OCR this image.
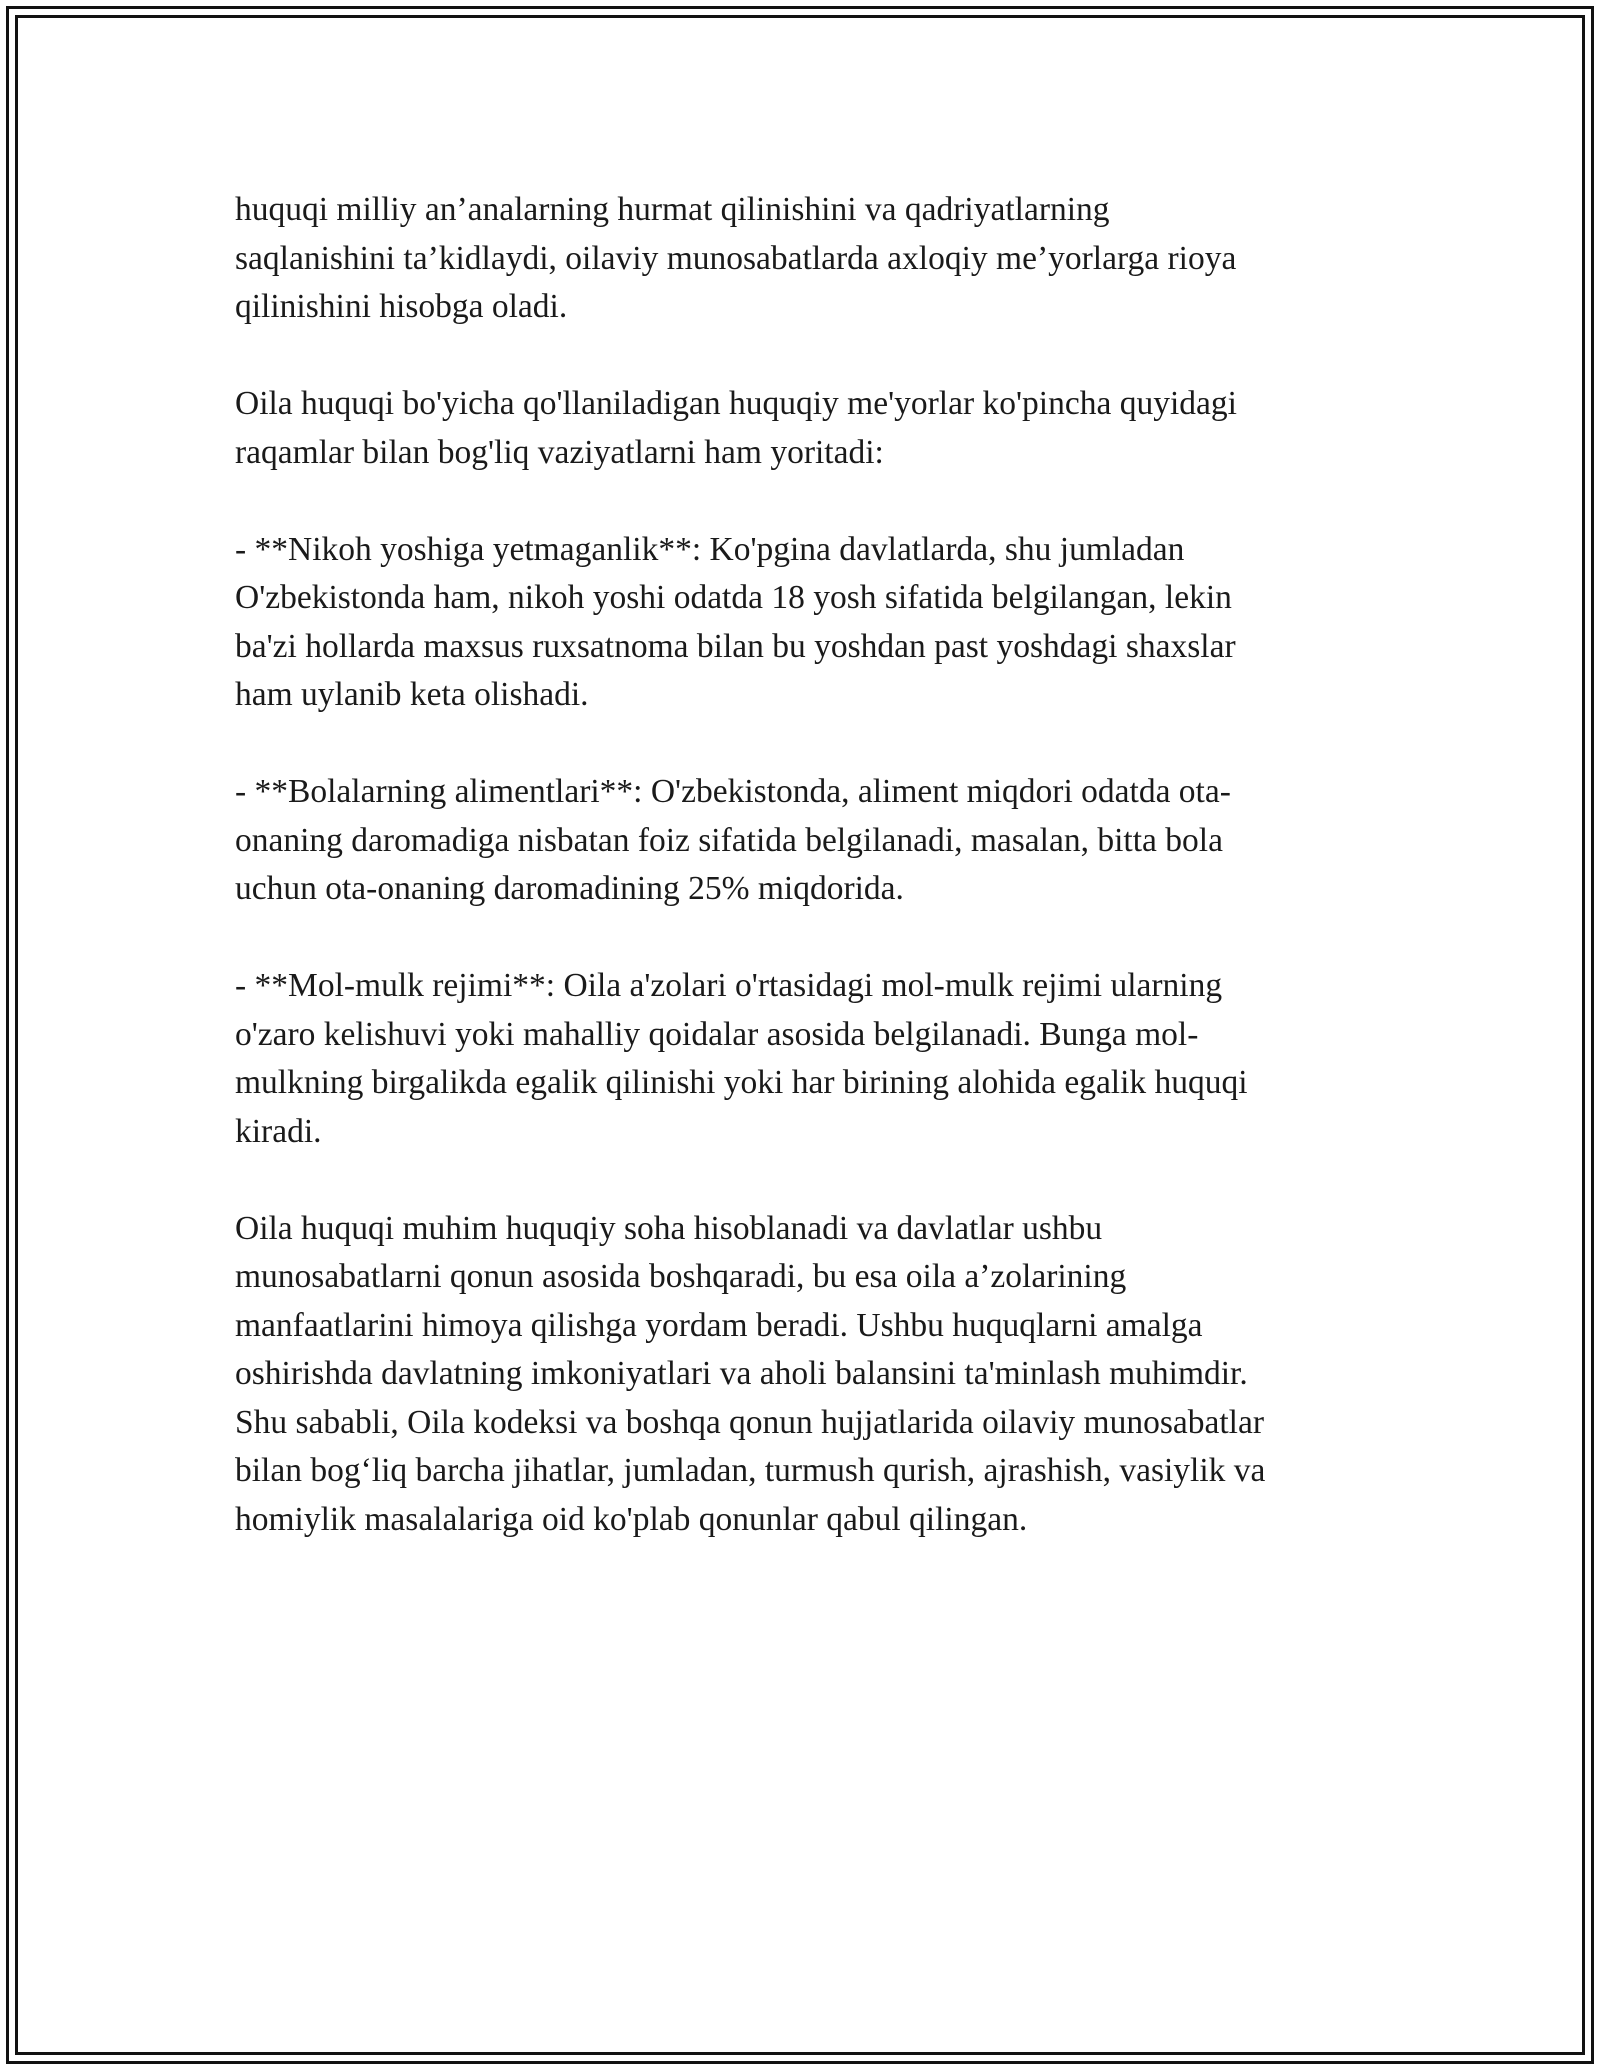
huquqi milliy an’analarning hurmat qilinishini va qadriyatlarning
saqlanishini ta’kidlaydi, oilaviy munosabatlarda axloqiy me’yorlarga rioya
qilinishini hisobga oladi.

Oila huquqi bo'yicha qo'llaniladigan huquqiy me'yorlar ko'pincha quyidagi
raqamlar bilan bog'liq vaziyatlarni ham yoritadi:

- **Nikoh yoshiga yetmaganlik**: Ko'pgina davlatlarda, shu jumladan
O'zbekistonda ham, nikoh yoshi odatda 18 yosh sifatida belgilangan, lekin
ba'zi hollarda maxsus ruxsatnoma bilan bu yoshdan past yoshdagi shaxslar
ham uylanib keta olishadi.

- **Bolalarning alimentlari**: O'zbekistonda, aliment miqdori odatda ota-
onaning daromadiga nisbatan foiz sifatida belgilanadi, masalan, bitta bola
uchun ota-onaning daromadining 25% miqdorida.

- **Mol-mulk rejimi**: Oila a'zolari o'rtasidagi mol-mulk rejimi ularning
o'zaro kelishuvi yoki mahalliy qoidalar asosida belgilanadi. Bunga mol-
mulkning birgalikda egalik qilinishi yoki har birining alohida egalik huquqi
kiradi.

Oila huquqi muhim huquqiy soha hisoblanadi va davlatlar ushbu
munosabatlarni qonun asosida boshqaradi, bu esa oila a’zolarining
manfaatlarini himoya qilishga yordam beradi. Ushbu huquqlarni amalga
oshirishda davlatning imkoniyatlari va aholi balansini ta'minlash muhimdir.
Shu sababli, Oila kodeksi va boshqa qonun hujjatlarida oilaviy munosabatlar
bilan bog‘liq barcha jihatlar, jumladan, turmush qurish, ajrashish, vasiylik va
homiylik masalalariga oid ko'plab qonunlar qabul qilingan.
